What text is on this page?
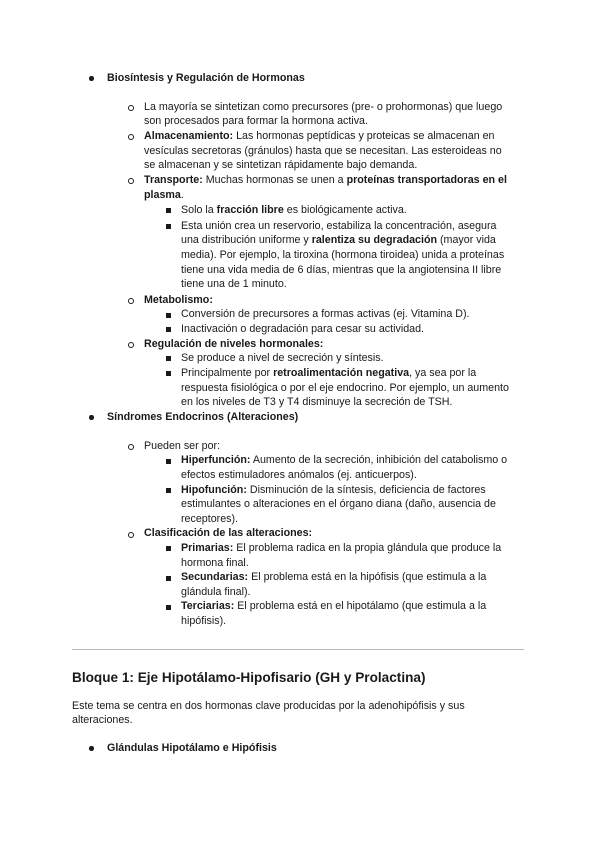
Biosíntesis y Regulación de Hormonas
La mayoría se sintetizan como precursores (pre- o prohormonas) que luego
son procesados para formar la hormona activa.
Almacenamiento: Las hormonas peptídicas y proteicas se almacenan en
vesículas secretoras (gránulos) hasta que se necesitan. Las esteroideas no
se almacenan y se sintetizan rápidamente bajo demanda.
Transporte: Muchas hormonas se unen a proteínas transportadoras en el
plasma.
Solo la fracción libre es biológicamente activa.
Esta unión crea un reservorio, estabiliza la concentración, asegura
una distribución uniforme y ralentiza su degradación (mayor vida
media). Por ejemplo, la tiroxina (hormona tiroidea) unida a proteínas
tiene una vida media de 6 días, mientras que la angiotensina II libre
tiene una de 1 minuto.
Metabolismo:
Conversión de precursores a formas activas (ej. Vitamina D).
Inactivación o degradación para cesar su actividad.
Regulación de niveles hormonales:
Se produce a nivel de secreción y síntesis.
Principalmente por retroalimentación negativa, ya sea por la
respuesta fisiológica o por el eje endocrino. Por ejemplo, un aumento
en los niveles de T3 y T4 disminuye la secreción de TSH.
Síndromes Endocrinos (Alteraciones)
Pueden ser por:
Hiperfunción: Aumento de la secreción, inhibición del catabolismo o
efectos estimuladores anómalos (ej. anticuerpos).
Hipofunción: Disminución de la síntesis, deficiencia de factores
estimulantes o alteraciones en el órgano diana (daño, ausencia de
receptores).
Clasificación de las alteraciones:
Primarias: El problema radica en la propia glándula que produce la
hormona final.
Secundarias: El problema está en la hipófisis (que estimula a la
glándula final).
Terciarias: El problema está en el hipotálamo (que estimula a la
hipófisis).
Bloque 1: Eje Hipotálamo-Hipofisario (GH y Prolactina)
Este tema se centra en dos hormonas clave producidas por la adenohipófisis y sus
alteraciones.
Glándulas Hipotálamo e Hipófisis
